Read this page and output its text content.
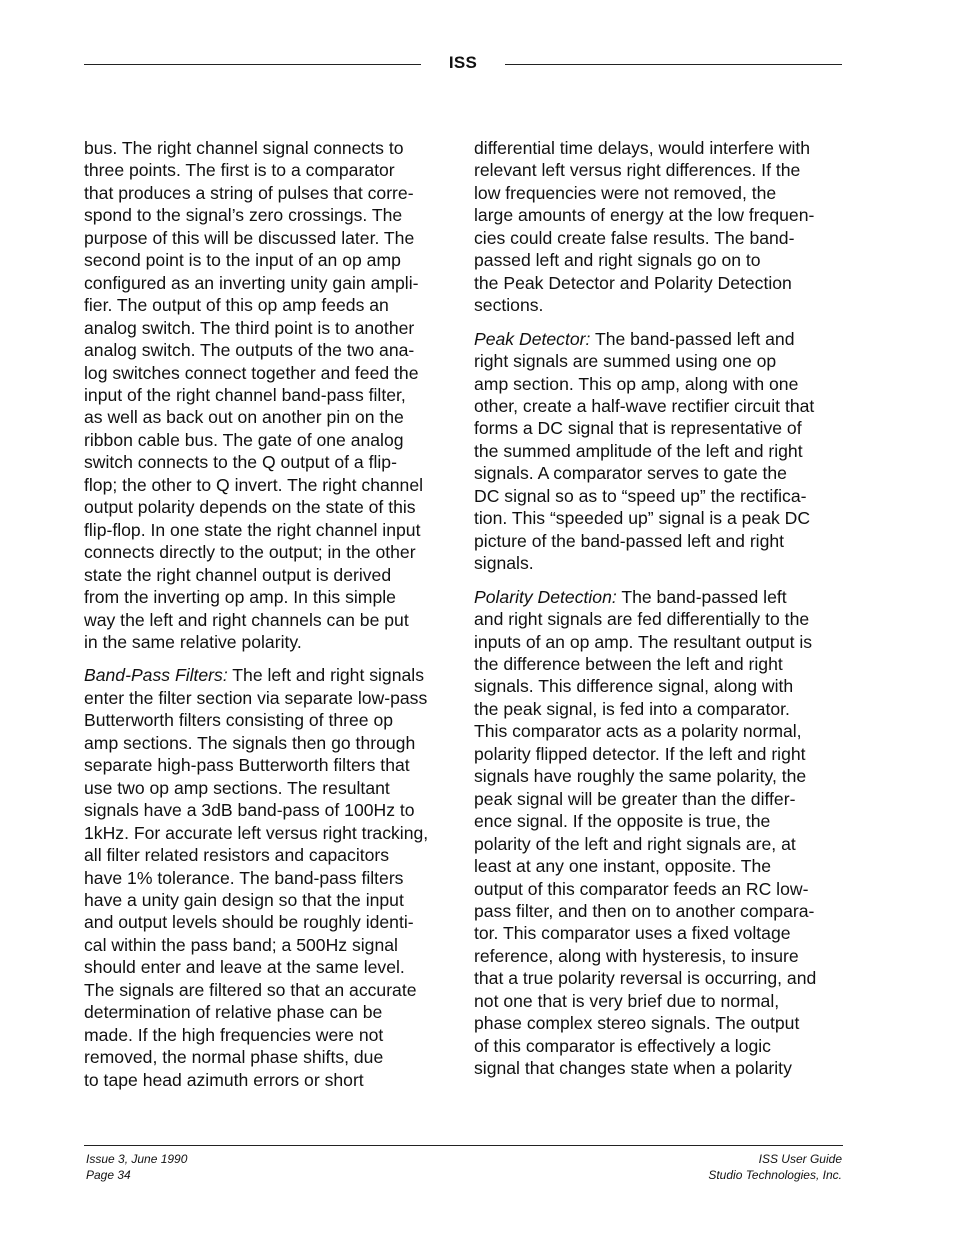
ISS

bus. The right channel signal connects to
three points. The first is to a comparator
that produces a string of pulses that corre-
spond to the signal’s zero crossings. The
purpose of this will be discussed later. The
second point is to the input of an op amp
configured as an inverting unity gain ampli-
fier. The output of this op amp feeds an
analog switch. The third point is to another
analog switch. The outputs of the two ana-
log switches connect together and feed the
input of the right channel band-pass filter,
as well as back out on another pin on the
ribbon cable bus. The gate of one analog
switch connects to the Q output of a flip-
flop; the other to Q invert. The right channel
output polarity depends on the state of this
flip-flop. In one state the right channel input
connects directly to the output; in the other
state the right channel output is derived
from the inverting op amp. In this simple
way the left and right channels can be put
in the same relative polarity.

Band-Pass Filters: The left and right signals
enter the filter section via separate low-pass
Butterworth filters consisting of three op
amp sections. The signals then go through
separate high-pass Butterworth filters that
use two op amp sections. The resultant
signals have a 3dB band-pass of 100Hz to
1kHz. For accurate left versus right tracking,
all filter related resistors and capacitors
have 1% tolerance. The band-pass filters
have a unity gain design so that the input
and output levels should be roughly identi-
cal within the pass band; a 500Hz signal
should enter and leave at the same level.
The signals are filtered so that an accurate
determination of relative phase can be
made. If the high frequencies were not
removed, the normal phase shifts, due
to tape head azimuth errors or short

differential time delays, would interfere with
relevant left versus right differences. If the
low frequencies were not removed, the
large amounts of energy at the low frequen-
cies could create false results. The band-
passed left and right signals go on to
the Peak Detector and Polarity Detection
sections.

Peak Detector: The band-passed left and
right signals are summed using one op
amp section. This op amp, along with one
other, create a half-wave rectifier circuit that
forms a DC signal that is representative of
the summed amplitude of the left and right
signals. A comparator serves to gate the
DC signal so as to “speed up” the rectifica-
tion. This “speeded up” signal is a peak DC
picture of the band-passed left and right
signals.

Polarity Detection: The band-passed left
and right signals are fed differentially to the
inputs of an op amp. The resultant output is
the difference between the left and right
signals. This difference signal, along with
the peak signal, is fed into a comparator.
This comparator acts as a polarity normal,
polarity flipped detector. If the left and right
signals have roughly the same polarity, the
peak signal will be greater than the differ-
ence signal. If the opposite is true, the
polarity of the left and right signals are, at
least at any one instant, opposite. The
output of this comparator feeds an RC low-
pass filter, and then on to another compara-
tor. This comparator uses a fixed voltage
reference, along with hysteresis, to insure
that a true polarity reversal is occurring, and
not one that is very brief due to normal,
phase complex stereo signals. The output
of this comparator is effectively a logic
signal that changes state when a polarity

Issue 3, June 1990
Page 34
ISS User Guide
Studio Technologies, Inc.
